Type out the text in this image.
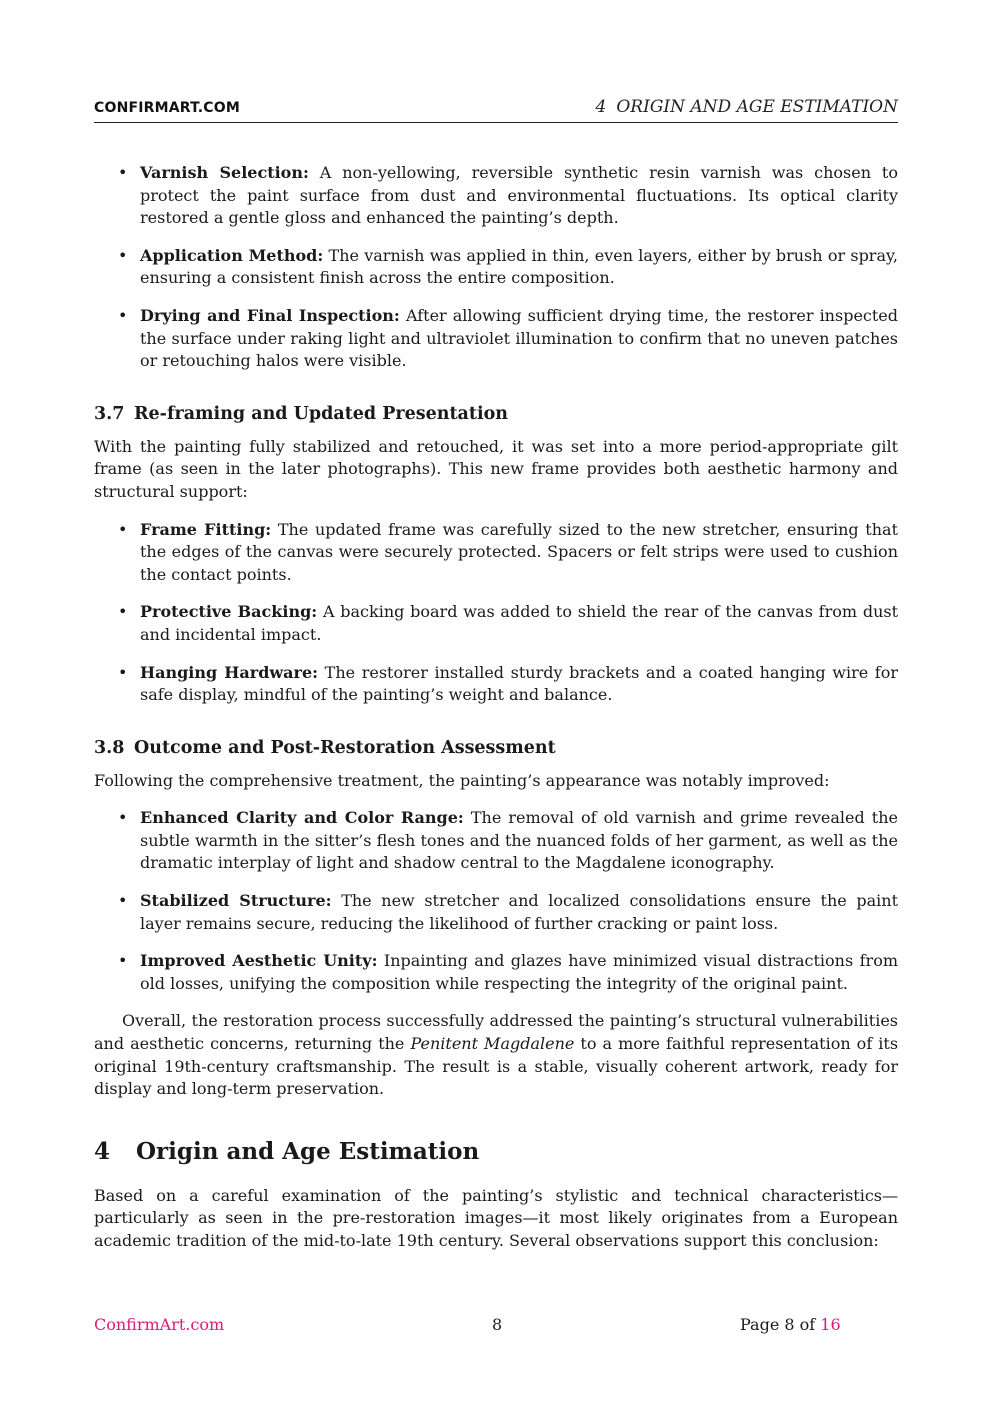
CONFIRMART.COM	4 ORIGIN AND AGE ESTIMATION
• Varnish Selection: A non-yellowing, reversible synthetic resin varnish was chosen to protect the paint surface from dust and environmental fluctuations. Its optical clarity restored a gentle gloss and enhanced the painting’s depth.
• Application Method: The varnish was applied in thin, even layers, either by brush or spray, ensuring a consistent finish across the entire composition.
• Drying and Final Inspection: After allowing sufficient drying time, the restorer inspected the surface under raking light and ultraviolet illumination to confirm that no uneven patches or retouching halos were visible.
3.7 Re-framing and Updated Presentation

With the painting fully stabilized and retouched, it was set into a more period-appropriate gilt frame (as seen in the later photographs). This new frame provides both aesthetic harmony and structural support:

• Frame Fitting: The updated frame was carefully sized to the new stretcher, ensuring that the edges of the canvas were securely protected. Spacers or felt strips were used to cushion the contact points.
• Protective Backing: A backing board was added to shield the rear of the canvas from dust and incidental impact.
• Hanging Hardware: The restorer installed sturdy brackets and a coated hanging wire for safe display, mindful of the painting’s weight and balance.
3.8 Outcome and Post-Restoration Assessment

Following the comprehensive treatment, the painting’s appearance was notably improved:

• Enhanced Clarity and Color Range: The removal of old varnish and grime revealed the subtle warmth in the sitter’s flesh tones and the nuanced folds of her garment, as well as the dramatic interplay of light and shadow central to the Magdalene iconography.
• Stabilized Structure: The new stretcher and localized consolidations ensure the paint layer remains secure, reducing the likelihood of further cracking or paint loss.
• Improved Aesthetic Unity: Inpainting and glazes have minimized visual distractions from old losses, unifying the composition while respecting the integrity of the original paint.

Overall, the restoration process successfully addressed the painting’s structural vulnerabilities and aesthetic concerns, returning the Penitent Magdalene to a more faithful representation of its original 19th-century craftsmanship. The result is a stable, visually coherent artwork, ready for display and long-term preservation.

4 Origin and Age Estimation

Based on a careful examination of the painting’s stylistic and technical characteristics—particularly as seen in the pre-restoration images—it most likely originates from a European academic tradition of the mid-to-late 19th century. Several observations support this conclusion:

ConfirmArt.com	8	Page 8 of 16
